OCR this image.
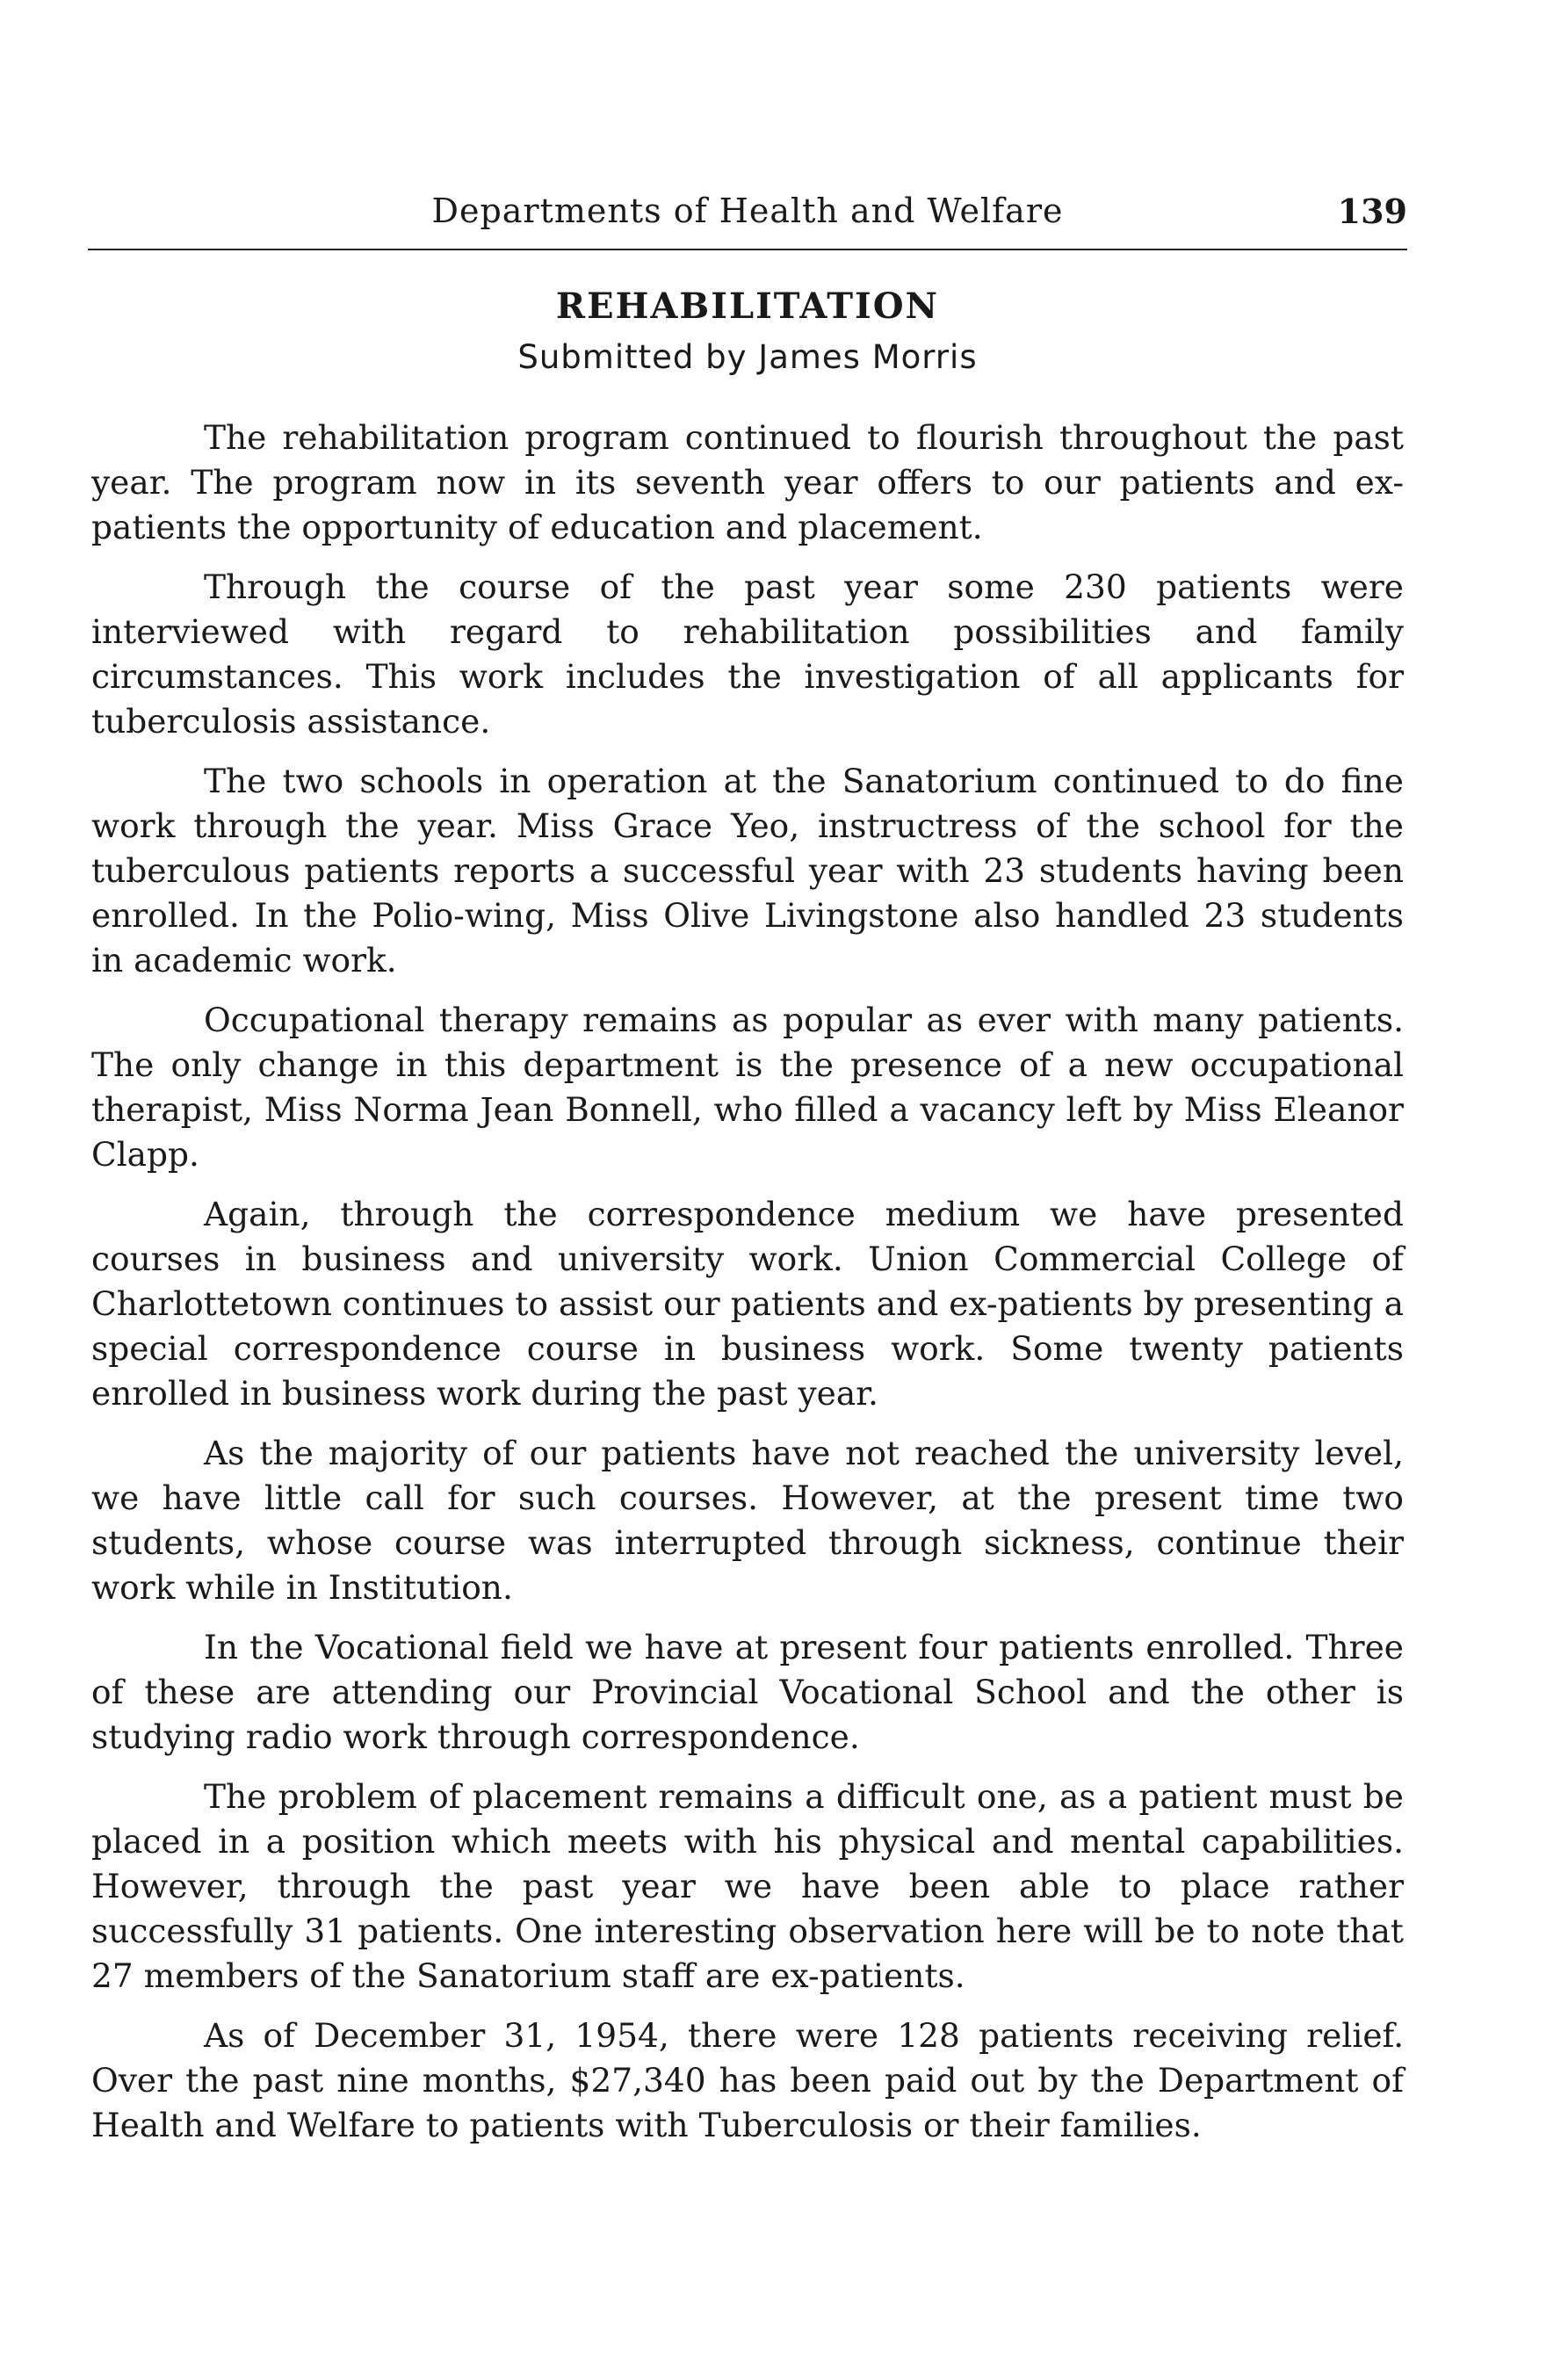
Departments of Health and Welfare	139
REHABILITATION
Submitted by James Morris

The rehabilitation program continued to flourish throughout the past year. The program now in its seventh year offers to our patients and ex-patients the opportunity of education and placement.

Through the course of the past year some 230 patients were interviewed with regard to rehabilitation possibilities and family circumstances. This work includes the investigation of all applicants for tuberculosis assistance.

The two schools in operation at the Sanatorium continued to do fine work through the year. Miss Grace Yeo, instructress of the school for the tuberculous patients reports a successful year with 23 students having been enrolled. In the Polio-wing, Miss Olive Livingstone also handled 23 students in academic work.

Occupational therapy remains as popular as ever with many patients. The only change in this department is the presence of a new occupational therapist, Miss Norma Jean Bonnell, who filled a vacancy left by Miss Eleanor Clapp.

Again, through the correspondence medium we have presented courses in business and university work. Union Commercial College of Charlottetown continues to assist our patients and ex-patients by presenting a special correspondence course in business work. Some twenty patients enrolled in business work during the past year.

As the majority of our patients have not reached the university level, we have little call for such courses. However, at the present time two students, whose course was interrupted through sickness, continue their work while in Institution.

In the Vocational field we have at present four patients enrolled. Three of these are attending our Provincial Vocational School and the other is studying radio work through correspondence.

The problem of placement remains a difficult one, as a patient must be placed in a position which meets with his physical and mental capabilities. However, through the past year we have been able to place rather successfully 31 patients. One interesting observation here will be to note that 27 members of the Sanatorium staff are ex-patients.

As of December 31, 1954, there were 128 patients receiving relief. Over the past nine months, $27,340 has been paid out by the Department of Health and Welfare to patients with Tuberculosis or their families.
